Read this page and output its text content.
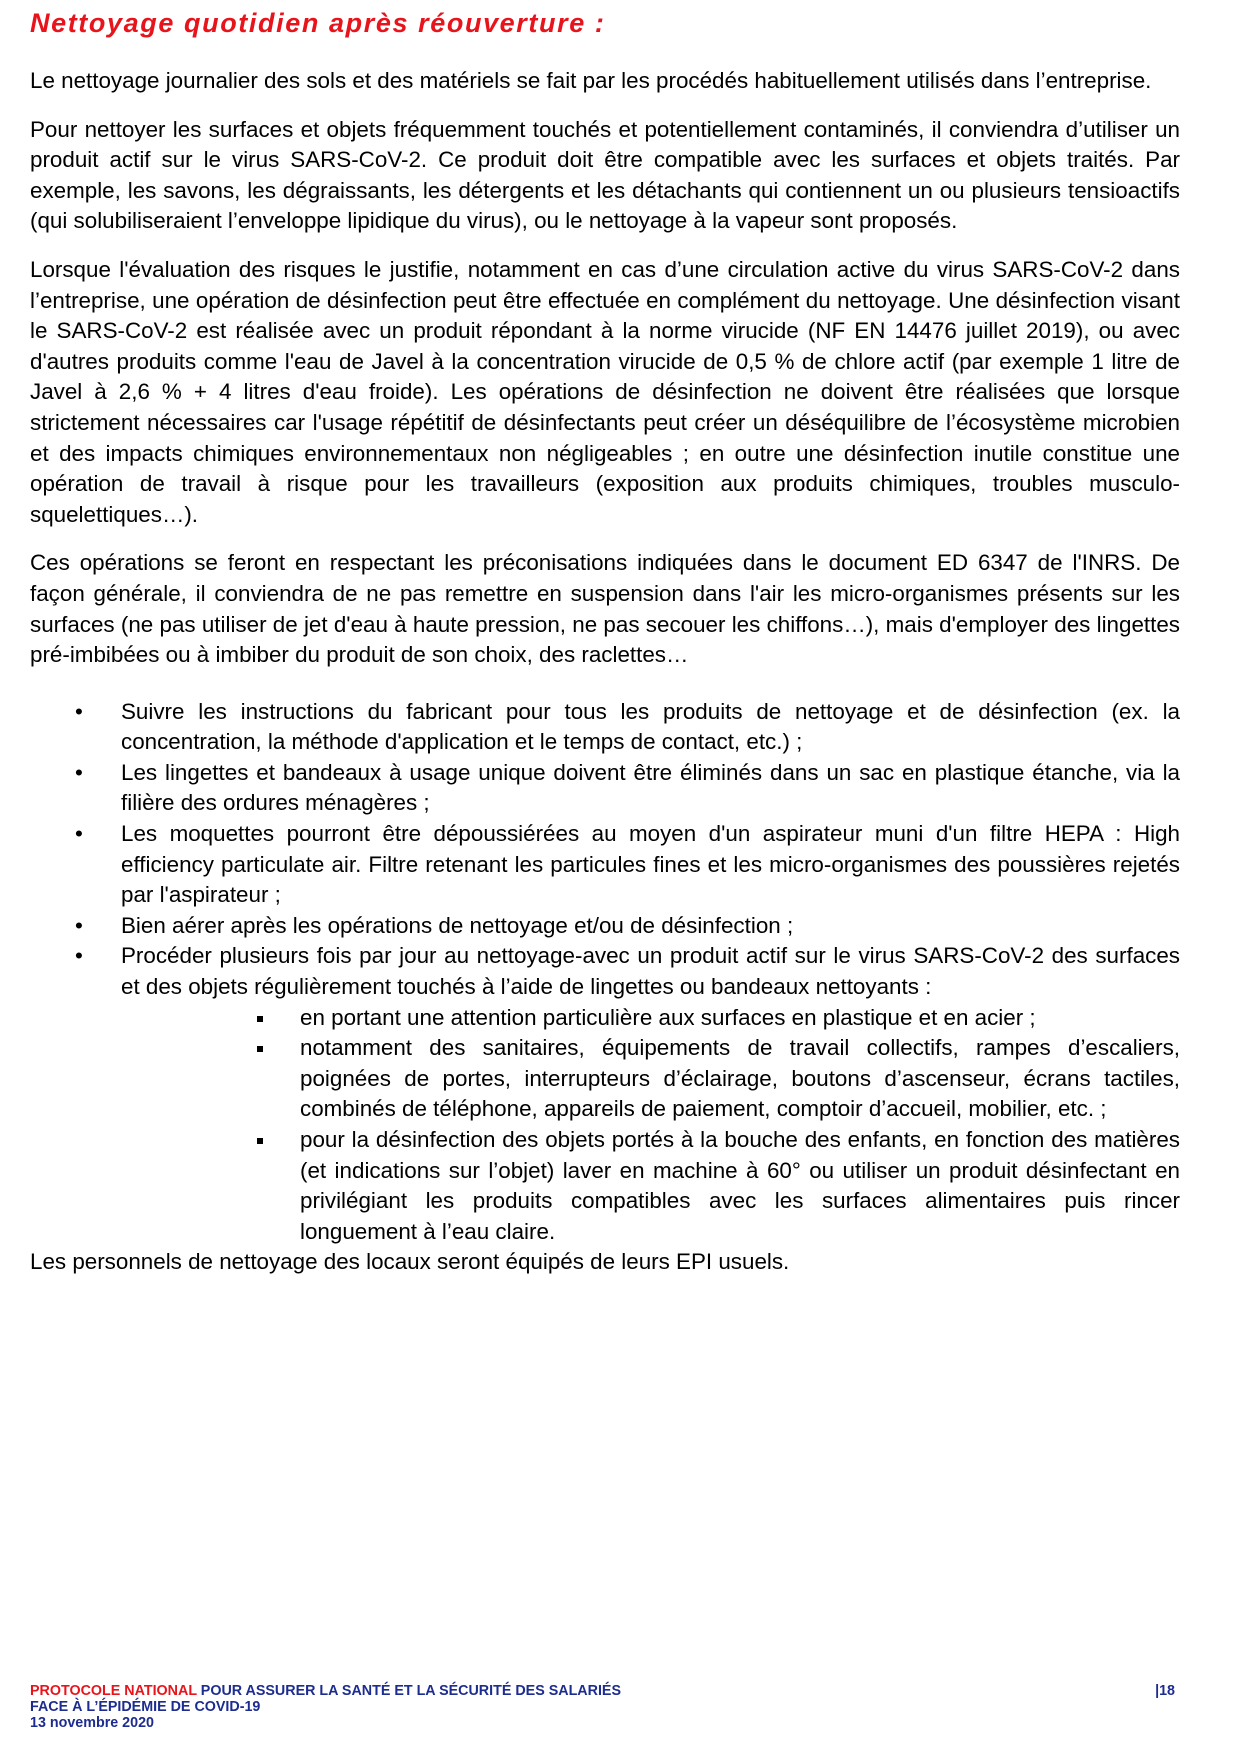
Nettoyage quotidien après réouverture :

Le nettoyage journalier des sols et des matériels se fait par les procédés habituellement utilisés dans l’entreprise.

Pour nettoyer les surfaces et objets fréquemment touchés et potentiellement contaminés, il conviendra d’utiliser un produit actif sur le virus SARS-CoV-2. Ce produit doit être compatible avec les surfaces et objets traités. Par exemple, les savons, les dégraissants, les détergents et les détachants qui contiennent un ou plusieurs tensioactifs (qui solubiliseraient l’enveloppe lipidique du virus), ou le nettoyage à la vapeur sont proposés.

Lorsque l'évaluation des risques le justifie, notamment en cas d’une circulation active du virus SARS-CoV-2 dans l’entreprise, une opération de désinfection peut être effectuée en complément du nettoyage. Une désinfection visant le SARS-CoV-2 est réalisée avec un produit répondant à la norme virucide (NF EN 14476 juillet 2019), ou avec d'autres produits comme l'eau de Javel à la concentration virucide de 0,5 % de chlore actif (par exemple 1 litre de Javel à 2,6 % + 4 litres d'eau froide). Les opérations de désinfection ne doivent être réalisées que lorsque strictement nécessaires car l'usage répétitif de désinfectants peut créer un déséquilibre de l’écosystème microbien et des impacts chimiques environnementaux non négligeables ; en outre une désinfection inutile constitue une opération de travail à risque pour les travailleurs (exposition aux produits chimiques, troubles musculo-squelettiques…).

Ces opérations se feront en respectant les préconisations indiquées dans le document ED 6347 de l'INRS. De façon générale, il conviendra de ne pas remettre en suspension dans l'air les micro-organismes présents sur les surfaces (ne pas utiliser de jet d'eau à haute pression, ne pas secouer les chiffons…), mais d'employer des lingettes pré-imbibées ou à imbiber du produit de son choix, des raclettes…

• Suivre les instructions du fabricant pour tous les produits de nettoyage et de désinfection (ex. la concentration, la méthode d'application et le temps de contact, etc.) ;
• Les lingettes et bandeaux à usage unique doivent être éliminés dans un sac en plastique étanche, via la filière des ordures ménagères ;
• Les moquettes pourront être dépoussiérées au moyen d'un aspirateur muni d'un filtre HEPA : High efficiency particulate air. Filtre retenant les particules fines et les micro-organismes des poussières rejetés par l'aspirateur ;
• Bien aérer après les opérations de nettoyage et/ou de désinfection ;
• Procéder plusieurs fois par jour au nettoyage-avec un produit actif sur le virus SARS-CoV-2 des surfaces et des objets régulièrement touchés à l’aide de lingettes ou bandeaux nettoyants :
en portant une attention particulière aux surfaces en plastique et en acier ;
notamment des sanitaires, équipements de travail collectifs, rampes d’escaliers, poignées de portes, interrupteurs d’éclairage, boutons d’ascenseur, écrans tactiles, combinés de téléphone, appareils de paiement, comptoir d’accueil, mobilier, etc. ;
pour la désinfection des objets portés à la bouche des enfants, en fonction des matières (et indications sur l’objet) laver en machine à 60° ou utiliser un produit désinfectant en privilégiant les produits compatibles avec les surfaces alimentaires puis rincer longuement à l’eau claire.

Les personnels de nettoyage des locaux seront équipés de leurs EPI usuels.

PROTOCOLE NATIONAL POUR ASSURER LA SANTÉ ET LA SÉCURITÉ DES SALARIÉS
FACE À L’ÉPIDÉMIE DE COVID-19
13 novembre 2020
|18
